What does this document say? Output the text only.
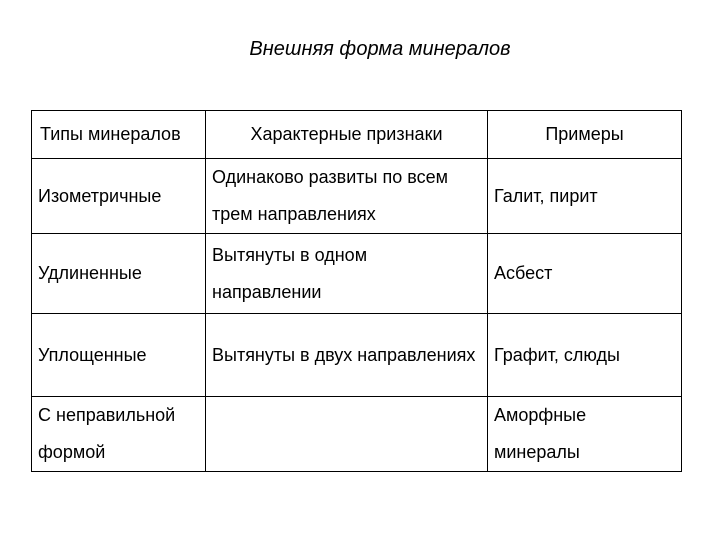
Внешняя форма минералов
Типы минералов	Характерные признаки	Примеры
Изометричные	Одинаково развиты по всем трем направлениях	Галит, пирит
Удлиненные	Вытянуты в одном направлении	Асбест
Уплощенные	Вытянуты в двух направлениях	Графит, слюды
С неправильной формой		Аморфные минералы
